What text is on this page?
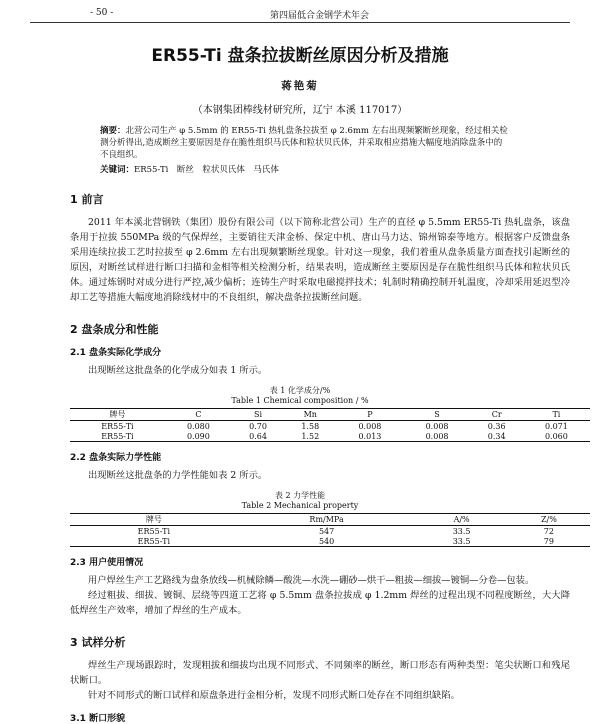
- 50 -	第四届低合金钢学术年会
ER55-Ti 盘条拉拔断丝原因分析及措施
蒋艳菊
（本钢集团棒线材研究所，辽宁 本溪 117017）
摘要：北营公司生产 φ 5.5mm 的 ER55-Ti 热轧盘条拉拔至 φ 2.6mm 左右出现频繁断丝现象，经过相关检测分析得出,造成断丝主要原因是存在脆性组织马氏体和粒状贝氏体，并采取相应措施大幅度地消除盘条中的不良组织。
关键词：ER55-Ti　断丝　粒状贝氏体　马氏体
1 前言

2011 年本溪北营钢铁（集团）股份有限公司（以下简称北营公司）生产的直径 φ 5.5mm ER55-Ti 热轧盘条，该盘条用于拉拔 550MPa 级的气保焊丝，主要销往天津金桥、保定中机、唐山马力达、锦州锦泰等地方。根据客户反馈盘条采用连续拉拔工艺时拉拔至 φ 2.6mm 左右出现频繁断丝现象。针对这一现象，我们着重从盘条质量方面查找引起断丝的原因，对断丝试样进行断口扫描和金相等相关检测分析，结果表明，造成断丝主要原因是存在脆性组织马氏体和粒状贝氏体。通过炼钢时对成分进行严控,减少偏析；连铸生产时采取电磁搅拌技术；轧制时精确控制开轧温度，冷却采用延迟型冷却工艺等措施大幅度地消除线材中的不良组织，解决盘条拉拔断丝问题。

2 盘条成分和性能
2.1 盘条实际化学成分

出现断丝这批盘条的化学成分如表 1 所示。

表 1 化学成分/%
Table 1 Chemical composition / %
牌号	C	Si	Mn	P	S	Cr	Ti
ER55-Ti	0.080	0.70	1.58	0.008	0.008	0.36	0.071
ER55-Ti	0.090	0.64	1.52	0.013	0.008	0.34	0.060
2.2 盘条实际力学性能

出现断丝这批盘条的力学性能如表 2 所示。

表 2 力学性能
Table 2 Mechanical property
牌号	Rm/MPa	A/%	Z/%
ER55-Ti	547	33.5	72
ER55-Ti	540	33.5	79
2.3 用户使用情况

用户焊丝生产工艺路线为盘条放线—机械除鳞—酸洗—水洗—硼砂—烘干—粗拔—细拔—镀铜—分卷—包装。

经过粗拔、细拔、镀铜、层绕等四道工艺将 φ 5.5mm 盘条拉拔成 φ 1.2mm 焊丝的过程出现不同程度断丝，大大降低焊丝生产效率，增加了焊丝的生产成本。

3 试样分析

焊丝生产现场跟踪时，发现粗拔和细拔均出现不同形式、不同频率的断丝，断口形态有两种类型：笔尖状断口和残尾状断口。

针对不同形式的断口试样和原盘条进行金相分析，发现不同形式断口处存在不同组织缺陷。

3.1 断口形貌
